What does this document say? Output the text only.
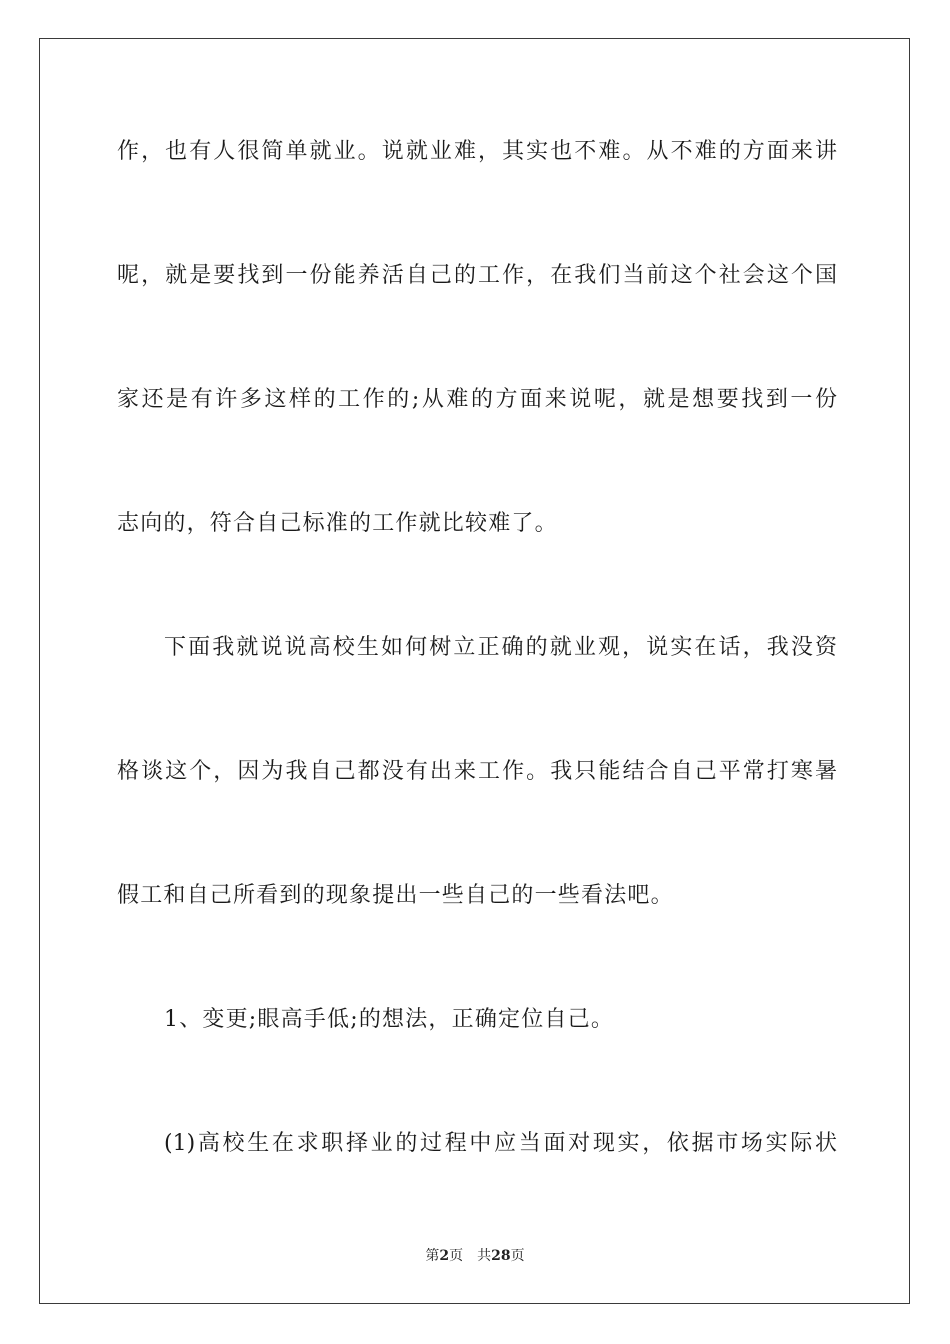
作，也有人很简单就业。说就业难，其实也不难。从不难的方面来讲
呢，就是要找到一份能养活自己的工作，在我们当前这个社会这个国
家还是有许多这样的工作的;从难的方面来说呢，就是想要找到一份
志向的，符合自己标准的工作就比较难了。
下面我就说说高校生如何树立正确的就业观，说实在话，我没资
格谈这个，因为我自己都没有出来工作。我只能结合自己平常打寒暑
假工和自己所看到的现象提出一些自己的一些看法吧。
1、变更;眼高手低;的想法，正确定位自己。
(1)高校生在求职择业的过程中应当面对现实，依据市场实际状
第2页 共28页
